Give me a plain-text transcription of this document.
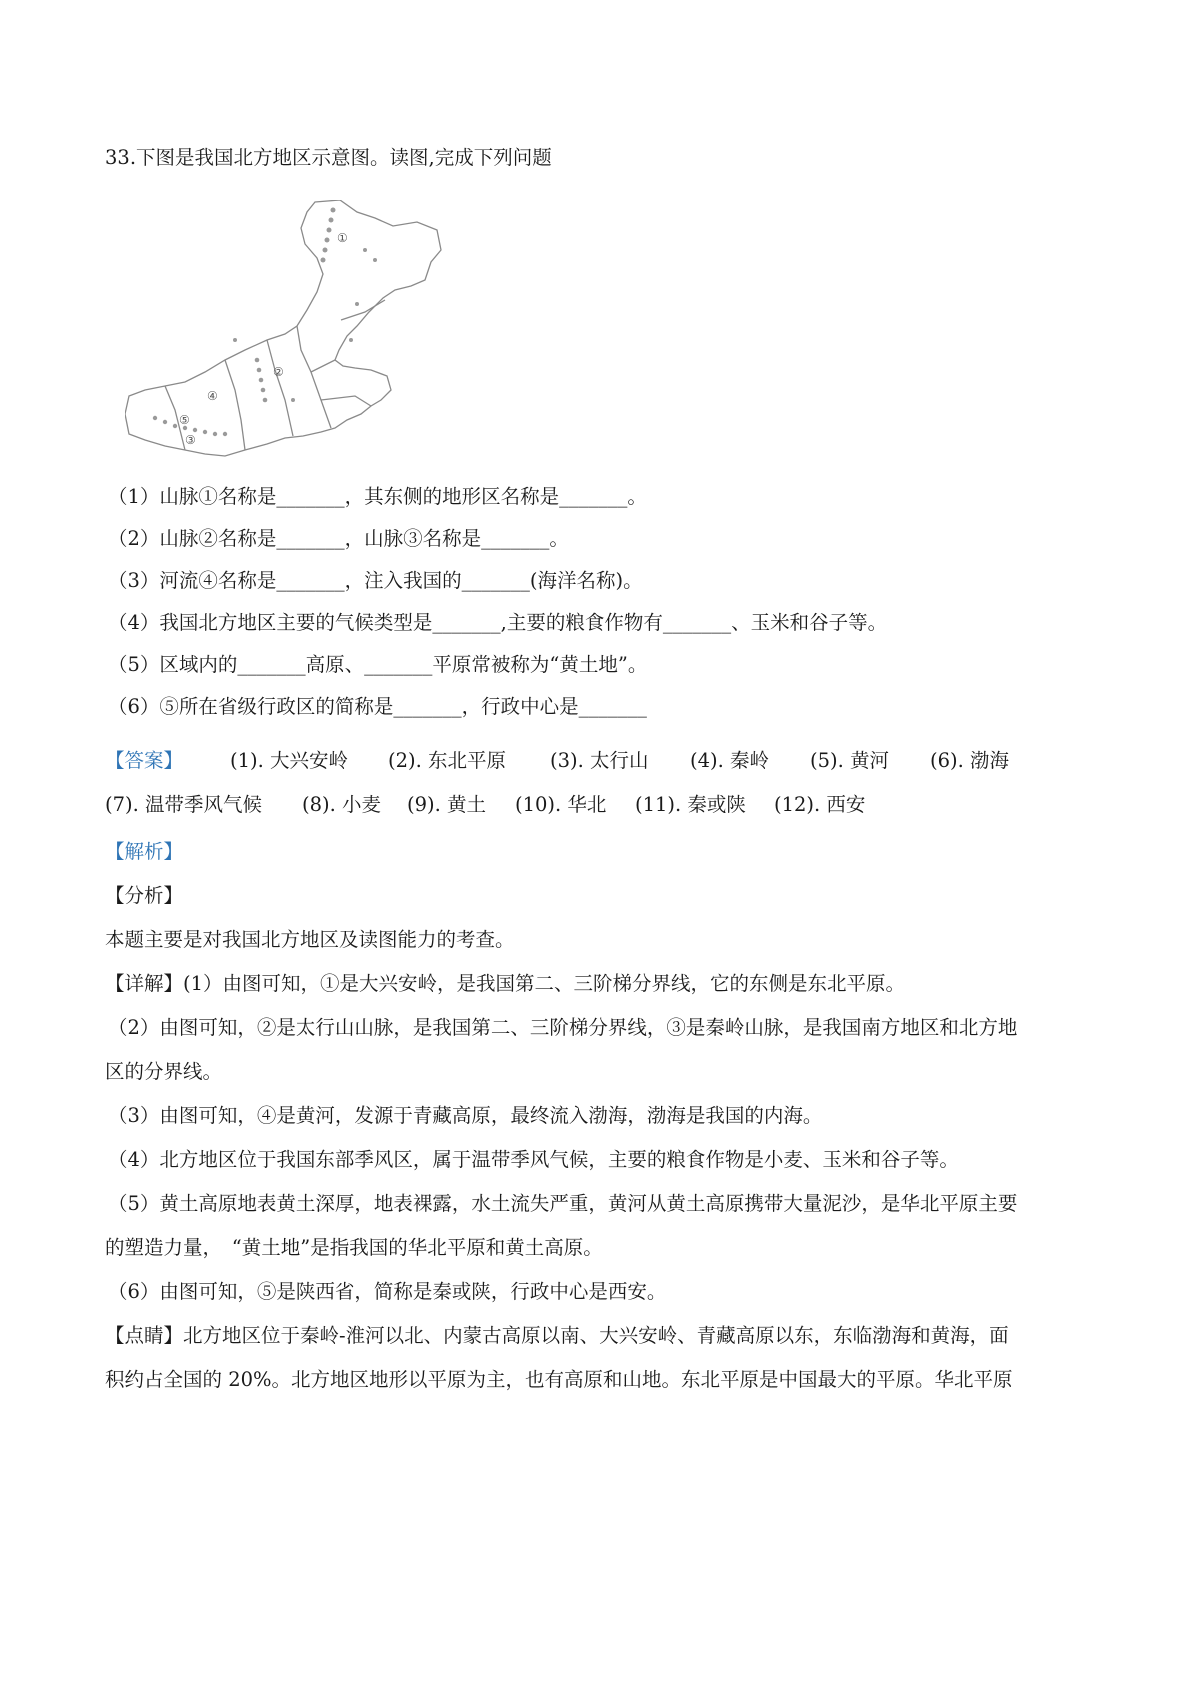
33.下图是我国北方地区示意图。读图,完成下列问题
①
②
③
④
⑤
（1）山脉①名称是_______，其东侧的地形区名称是_______。
（2）山脉②名称是_______，山脉③名称是_______。
（3）河流④名称是_______，注入我国的_______(海洋名称)。
（4）我国北方地区主要的气候类型是_______,主要的粮食作物有_______、玉米和谷子等。
（5）区域内的_______高原、_______平原常被称为“黄土地”。
（6）⑤所在省级行政区的简称是_______，行政中心是_______
【答案】 (1). 大兴安岭 (2). 东北平原 (3). 太行山 (4). 秦岭 (5). 黄河 (6). 渤海
(7). 温带季风气候 (8). 小麦 (9). 黄土 (10). 华北 (11). 秦或陕 (12). 西安
【解析】
【分析】
本题主要是对我国北方地区及读图能力的考查。
【详解】(1）由图可知，①是大兴安岭，是我国第二、三阶梯分界线，它的东侧是东北平原。
（2）由图可知，②是太行山山脉，是我国第二、三阶梯分界线，③是秦岭山脉，是我国南方地区和北方地
区的分界线。
（3）由图可知，④是黄河，发源于青藏高原，最终流入渤海，渤海是我国的内海。
（4）北方地区位于我国东部季风区，属于温带季风气候，主要的粮食作物是小麦、玉米和谷子等。
（5）黄土高原地表黄土深厚，地表裸露，水土流失严重，黄河从黄土高原携带大量泥沙，是华北平原主要
的塑造力量，　“黄土地”是指我国的华北平原和黄土高原。
（6）由图可知，⑤是陕西省，简称是秦或陕，行政中心是西安。
【点睛】北方地区位于秦岭-淮河以北、内蒙古高原以南、大兴安岭、青藏高原以东，东临渤海和黄海，面
积约占全国的 20%。北方地区地形以平原为主，也有高原和山地。东北平原是中国最大的平原。华北平原
